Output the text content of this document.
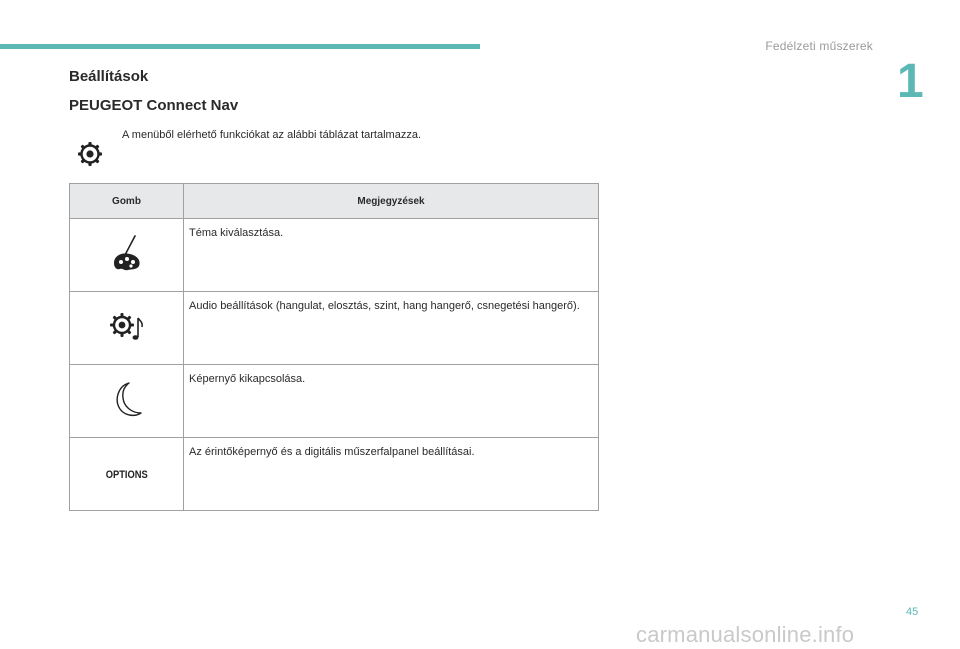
Fedélzeti műszerek
1
Beállítások
PEUGEOT Connect Nav
A menüből elérhető funkciókat az alábbi táblázat tartalmazza.
Gomb	Megjegyzések
	Téma kiválasztása.
	Audio beállítások (hangulat, elosztás, szint, hang hangerő, csnegetési hangerő).
	Képernyő kikapcsolása.
OPTIONS	Az érintőképernyő és a digitális műszerfalpanel beállításai.
45
carmanualsonline.info
